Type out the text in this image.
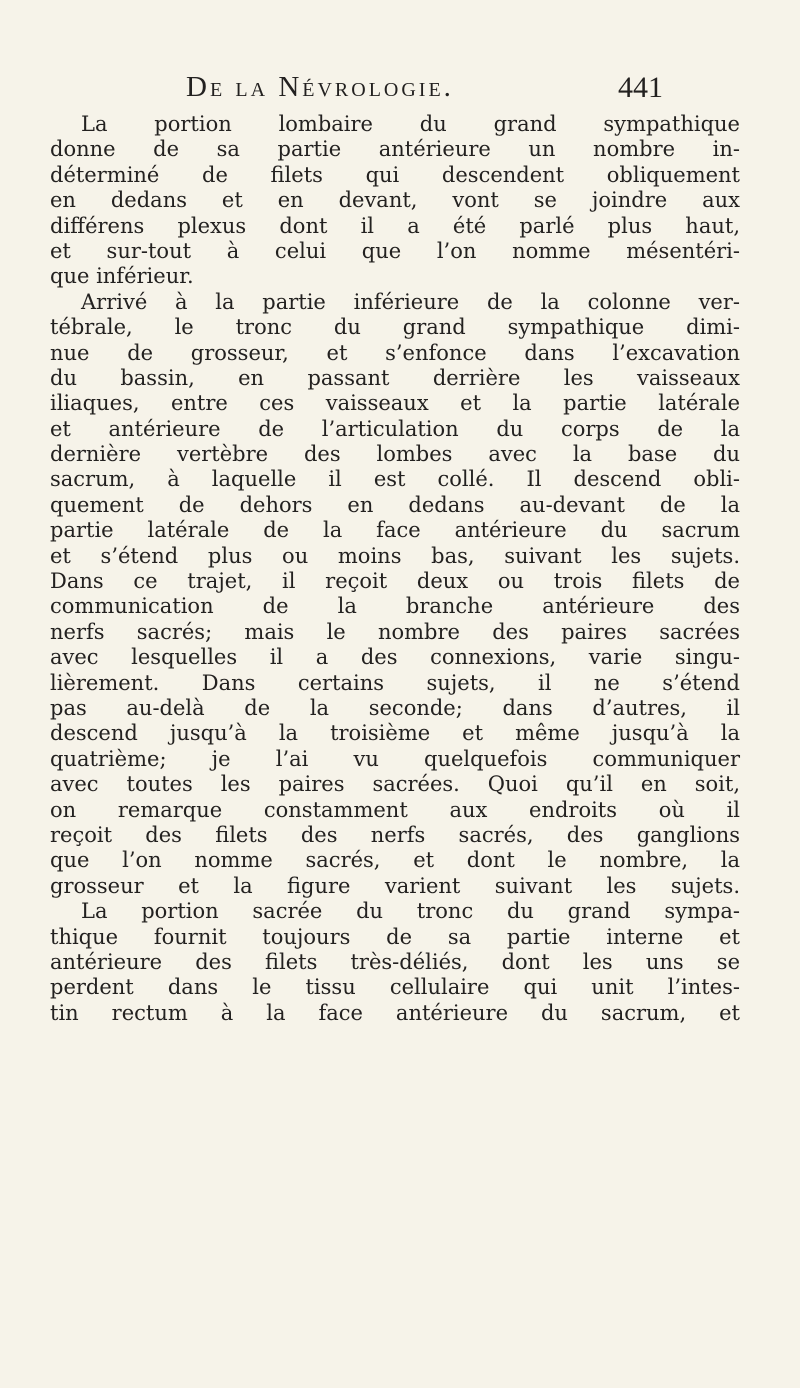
De la Névrologie.	441
La portion lombaire du grand sympathique
donne de sa partie antérieure un nombre in-
déterminé de filets qui descendent obliquement
en dedans et en devant, vont se joindre aux
différens plexus dont il a été parlé plus haut,
et sur-tout à celui que l’on nomme mésentéri-
que inférieur.
Arrivé à la partie inférieure de la colonne ver-
tébrale, le tronc du grand sympathique dimi-
nue de grosseur, et s’enfonce dans l’excavation
du bassin, en passant derrière les vaisseaux
iliaques, entre ces vaisseaux et la partie latérale
et antérieure de l’articulation du corps de la
dernière vertèbre des lombes avec la base du
sacrum, à laquelle il est collé. Il descend obli-
quement de dehors en dedans au-devant de la
partie latérale de la face antérieure du sacrum
et s’étend plus ou moins bas, suivant les sujets.
Dans ce trajet, il reçoit deux ou trois filets de
communication de la branche antérieure des
nerfs sacrés; mais le nombre des paires sacrées
avec lesquelles il a des connexions, varie singu-
lièrement. Dans certains sujets, il ne s’étend
pas au-delà de la seconde; dans d’autres, il
descend jusqu’à la troisième et même jusqu’à la
quatrième; je l’ai vu quelquefois communiquer
avec toutes les paires sacrées. Quoi qu’il en soit,
on remarque constamment aux endroits où il
reçoit des filets des nerfs sacrés, des ganglions
que l’on nomme sacrés, et dont le nombre, la
grosseur et la figure varient suivant les sujets.
La portion sacrée du tronc du grand sympa-
thique fournit toujours de sa partie interne et
antérieure des filets très-déliés, dont les uns se
perdent dans le tissu cellulaire qui unit l’intes-
tin rectum à la face antérieure du sacrum, et
